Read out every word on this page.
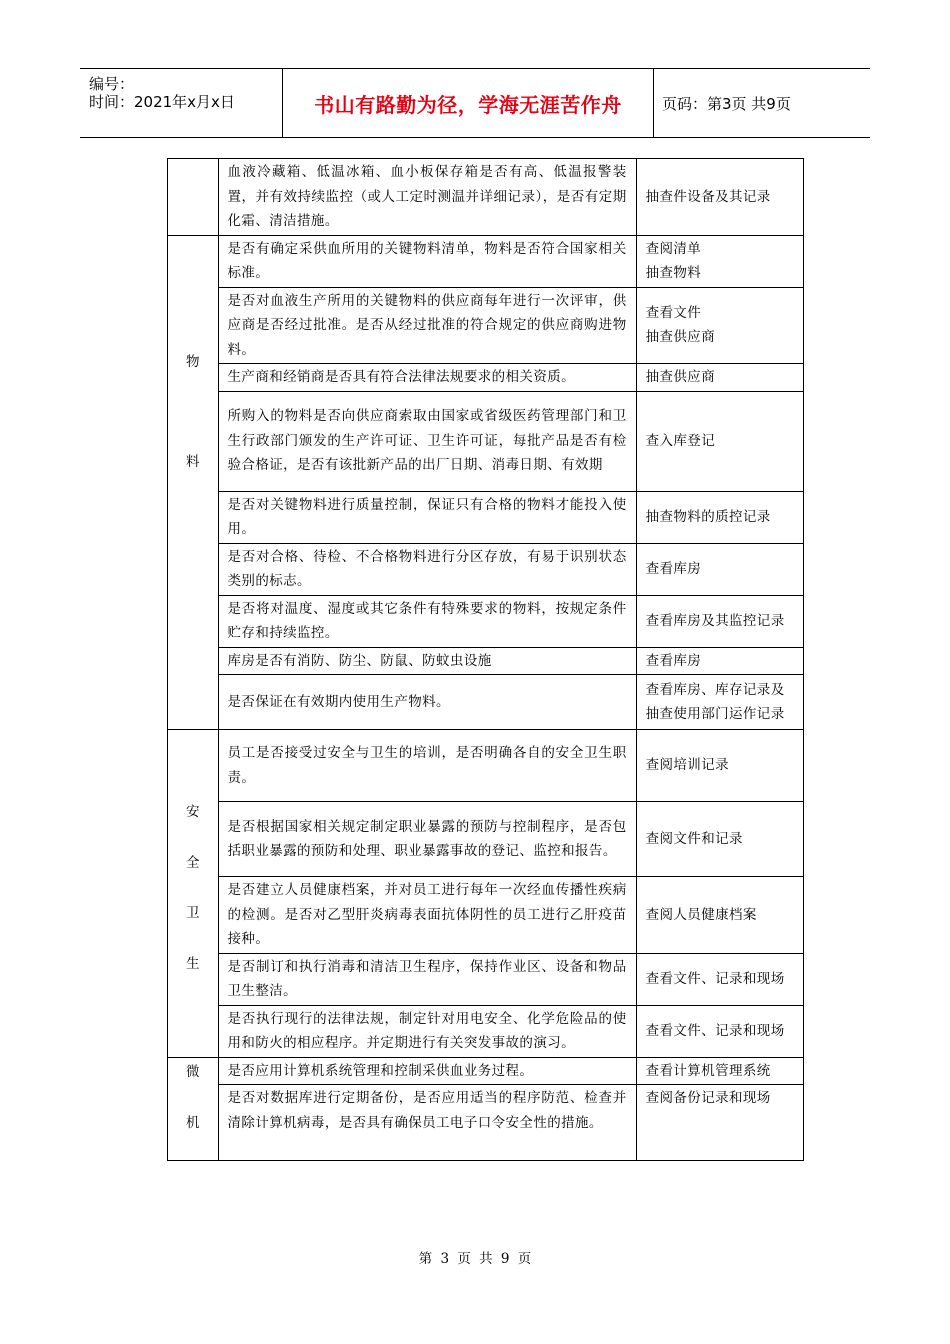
编号：
时间：2021年x月x日	书山有路勤为径，学海无涯苦作舟	页码：第3页 共9页
	血液冷藏箱、低温冰箱、血小板保存箱是否有高、低温报警装置，并有效持续监控（或人工定时测温并详细记录），是否有定期化霜、清洁措施。	抽查件设备及其记录

物
料	是否有确定采供血所用的关键物料清单，物料是否符合国家相关标准。	查阅清单
抽查物料
	是否对血液生产所用的关键物料的供应商每年进行一次评审，供应商是否经过批准。是否从经过批准的符合规定的供应商购进物料。	查看文件
抽查供应商
	生产商和经销商是否具有符合法律法规要求的相关资质。	抽查供应商
	所购入的物料是否向供应商索取由国家或省级医药管理部门和卫生行政部门颁发的生产许可证、卫生许可证，每批产品是否有检验合格证，是否有该批新产品的出厂日期、消毒日期、有效期	查入库登记
	是否对关键物料进行质量控制，保证只有合格的物料才能投入使用。	抽查物料的质控记录
	是否对合格、待检、不合格物料进行分区存放，有易于识别状态类别的标志。	查看库房
	是否将对温度、湿度或其它条件有特殊要求的物料，按规定条件贮存和持续监控。	查看库房及其监控记录
	库房是否有消防、防尘、防鼠、防蚊虫设施	查看库房
	是否保证在有效期内使用生产物料。	查看库房、库存记录及抽查使用部门运作记录

安
全
卫
生	员工是否接受过安全与卫生的培训，是否明确各自的安全卫生职责。	查阅培训记录
	是否根据国家相关规定制定职业暴露的预防与控制程序，是否包括职业暴露的预防和处理、职业暴露事故的登记、监控和报告。	查阅文件和记录
	是否建立人员健康档案，并对员工进行每年一次经血传播性疾病的检测。是否对乙型肝炎病毒表面抗体阴性的员工进行乙肝疫苗接种。	查阅人员健康档案
	是否制订和执行消毒和清洁卫生程序，保持作业区、设备和物品卫生整洁。	查看文件、记录和现场
	是否执行现行的法律法规，制定针对用电安全、化学危险品的使用和防火的相应程序。并定期进行有关突发事故的演习。	查看文件、记录和现场

微
机	是否应用计算机系统管理和控制采供血业务过程。	查看计算机管理系统
	是否对数据库进行定期备份，是否应用适当的程序防范、检查并清除计算机病毒，是否具有确保员工电子口令安全性的措施。	查阅备份记录和现场
第 3 页 共 9 页
